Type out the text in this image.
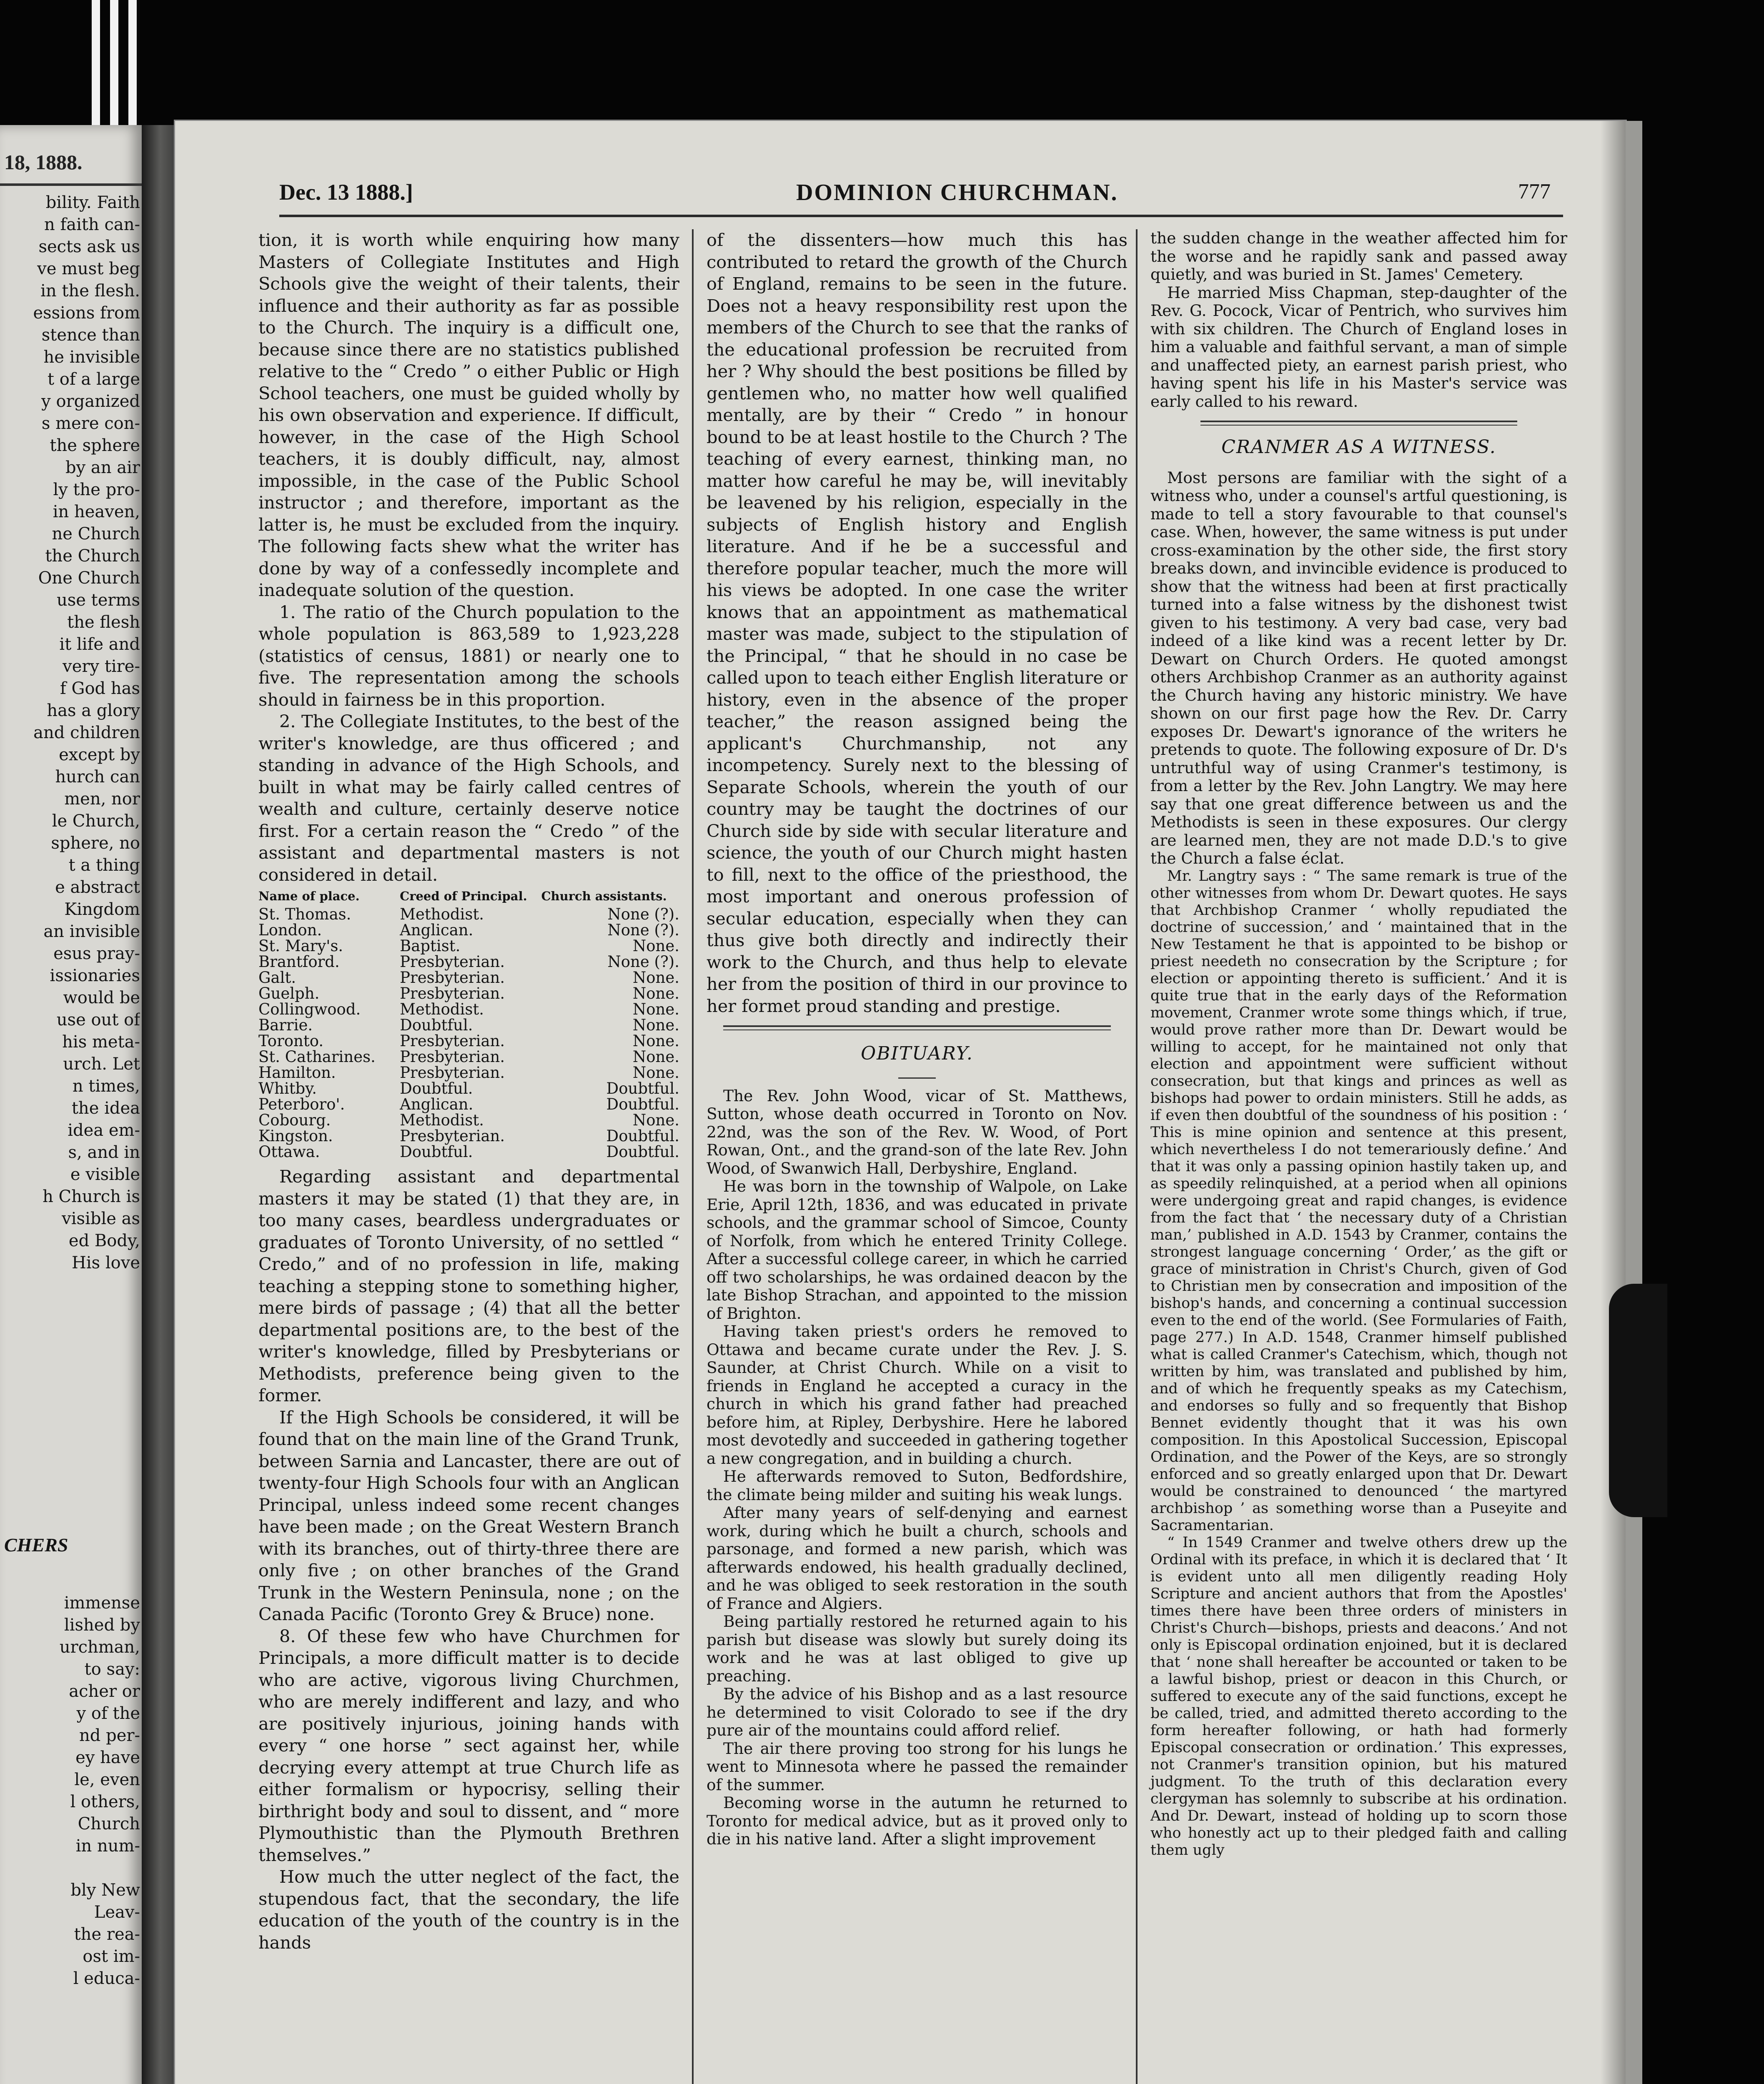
18, 1888.
bility. Faith
n faith can-
sects ask us
ve must beg
in the flesh.
essions from
stence than
he invisible
t of a large
y organized
s mere con-
the sphere
by an air
ly the pro-
in heaven,
ne Church
the Church
One Church
use terms
the flesh
it life and
very tire-
f God has
has a glory
and children
except by
hurch can
men, nor
le Church,
sphere, no
t a thing
e abstract
Kingdom
an invisible
esus pray-
issionaries
would be
use out of
his meta-
urch. Let
n times,
the idea
idea em-
s, and in
e visible
h Church is
visible as
ed Body,
His love
CHERS
immense
lished by
urchman,
to say:
acher or
y of the
nd per-
ey have
le, even
l others,
Church
in num-
bly New
Leav-
the rea-
ost im-
l educa-
Dec. 13 1888.]	DOMINION CHURCHMAN.	777

tion, it is worth while enquiring how many Masters of Collegiate Institutes and High Schools give the weight of their talents, their influence and their authority as far as possible to the Church. The inquiry is a difficult one, because since there are no statistics published relative to the “ Credo ” o either Public or High School teachers, one must be guided wholly by his own observation and experience. If difficult, however, in the case of the High School teachers, it is doubly difficult, nay, almost impossible, in the case of the Public School instructor ; and therefore, important as the latter is, he must be excluded from the inquiry. The following facts shew what the writer has done by way of a confessedly incomplete and inadequate solution of the question.

1. The ratio of the Church population to the whole population is 863,589 to 1,923,228 (statistics of census, 1881) or nearly one to five. The representation among the schools should in fairness be in this proportion.

2. The Collegiate Institutes, to the best of the writer's knowledge, are thus officered ; and standing in advance of the High Schools, and built in what may be fairly called centres of wealth and culture, certainly deserve notice first. For a certain reason the “ Credo ” of the assistant and departmental masters is not considered in detail.

Name of place.	Creed of Principal.	Church assistants.
St. Thomas.	Methodist.	None (?).
London.	Anglican.	None (?).
St. Mary's.	Baptist.	None.
Brantford.	Presbyterian.	None (?).
Galt.	Presbyterian.	None.
Guelph.	Presbyterian.	None.
Collingwood.	Methodist.	None.
Barrie.	Doubtful.	None.
Toronto.	Presbyterian.	None.
St. Catharines.	Presbyterian.	None.
Hamilton.	Presbyterian.	None.
Whitby.	Doubtful.	Doubtful.
Peterboro'.	Anglican.	Doubtful.
Cobourg.	Methodist.	None.
Kingston.	Presbyterian.	Doubtful.
Ottawa.	Doubtful.	Doubtful.

Regarding assistant and departmental masters it may be stated (1) that they are, in too many cases, beardless undergraduates or graduates of Toronto University, of no settled “ Credo,” and of no profession in life, making teaching a stepping stone to something higher, mere birds of passage ; (4) that all the better departmental positions are, to the best of the writer's knowledge, filled by Presbyterians or Methodists, preference being given to the former.

If the High Schools be considered, it will be found that on the main line of the Grand Trunk, between Sarnia and Lancaster, there are out of twenty-four High Schools four with an Anglican Principal, unless indeed some recent changes have been made ; on the Great Western Branch with its branches, out of thirty-three there are only five ; on other branches of the Grand Trunk in the Western Peninsula, none ; on the Canada Pacific (Toronto Grey & Bruce) none.

8. Of these few who have Churchmen for Principals, a more difficult matter is to decide who are active, vigorous living Churchmen, who are merely indifferent and lazy, and who are positively injurious, joining hands with every “ one horse ” sect against her, while decrying every attempt at true Church life as either formalism or hypocrisy, selling their birthright body and soul to dissent, and “ more Plymouthistic than the Plymouth Brethren themselves.”

How much the utter neglect of the fact, the stupendous fact, that the secondary, the life education of the youth of the country is in the hands

of the dissenters—how much this has contributed to retard the growth of the Church of England, remains to be seen in the future. Does not a heavy responsibility rest upon the members of the Church to see that the ranks of the educational profession be recruited from her ? Why should the best positions be filled by gentlemen who, no matter how well qualified mentally, are by their “ Credo ” in honour bound to be at least hostile to the Church ? The teaching of every earnest, thinking man, no matter how careful he may be, will inevitably be leavened by his religion, especially in the subjects of English history and English literature. And if he be a successful and therefore popular teacher, much the more will his views be adopted. In one case the writer knows that an appointment as mathematical master was made, subject to the stipulation of the Principal, “ that he should in no case be called upon to teach either English literature or history, even in the absence of the proper teacher,” the reason assigned being the applicant's Churchmanship, not any incompetency. Surely next to the blessing of Separate Schools, wherein the youth of our country may be taught the doctrines of our Church side by side with secular literature and science, the youth of our Church might hasten to fill, next to the office of the priesthood, the most important and onerous profession of secular education, especially when they can thus give both directly and indirectly their work to the Church, and thus help to elevate her from the position of third in our province to her formet proud standing and prestige.

OBITUARY.

The Rev. John Wood, vicar of St. Matthews, Sutton, whose death occurred in Toronto on Nov. 22nd, was the son of the Rev. W. Wood, of Port Rowan, Ont., and the grand-son of the late Rev. John Wood, of Swanwich Hall, Derbyshire, England.

He was born in the township of Walpole, on Lake Erie, April 12th, 1836, and was educated in private schools, and the grammar school of Simcoe, County of Norfolk, from which he entered Trinity College. After a successful college career, in which he carried off two scholarships, he was ordained deacon by the late Bishop Strachan, and appointed to the mission of Brighton.

Having taken priest's orders he removed to Ottawa and became curate under the Rev. J. S. Saunder, at Christ Church. While on a visit to friends in England he accepted a curacy in the church in which his grand father had preached before him, at Ripley, Derbyshire. Here he labored most devotedly and succeeded in gathering together a new congregation, and in building a church.

He afterwards removed to Suton, Bedfordshire, the climate being milder and suiting his weak lungs.

After many years of self-denying and earnest work, during which he built a church, schools and parsonage, and formed a new parish, which was afterwards endowed, his health gradually declined, and he was obliged to seek restoration in the south of France and Algiers.

Being partially restored he returned again to his parish but disease was slowly but surely doing its work and he was at last obliged to give up preaching.

By the advice of his Bishop and as a last resource he determined to visit Colorado to see if the dry pure air of the mountains could afford relief.

The air there proving too strong for his lungs he went to Minnesota where he passed the remainder of the summer.

Becoming worse in the autumn he returned to Toronto for medical advice, but as it proved only to die in his native land. After a slight improvement

the sudden change in the weather affected him for the worse and he rapidly sank and passed away quietly, and was buried in St. James' Cemetery.

He married Miss Chapman, step-daughter of the Rev. G. Pocock, Vicar of Pentrich, who survives him with six children. The Church of England loses in him a valuable and faithful servant, a man of simple and unaffected piety, an earnest parish priest, who having spent his life in his Master's service was early called to his reward.

CRANMER AS A WITNESS.

Most persons are familiar with the sight of a witness who, under a counsel's artful questioning, is made to tell a story favourable to that counsel's case. When, however, the same witness is put under cross-examination by the other side, the first story breaks down, and invincible evidence is produced to show that the witness had been at first practically turned into a false witness by the dishonest twist given to his testimony. A very bad case, very bad indeed of a like kind was a recent letter by Dr. Dewart on Church Orders. He quoted amongst others Archbishop Cranmer as an authority against the Church having any historic ministry. We have shown on our first page how the Rev. Dr. Carry exposes Dr. Dewart's ignorance of the writers he pretends to quote. The following exposure of Dr. D's untruthful way of using Cranmer's testimony, is from a letter by the Rev. John Langtry. We may here say that one great difference between us and the Methodists is seen in these exposures. Our clergy are learned men, they are not made D.D.'s to give the Church a false éclat.

Mr. Langtry says : “ The same remark is true of the other witnesses from whom Dr. Dewart quotes. He says that Archbishop Cranmer ‘ wholly repudiated the doctrine of succession,’ and ‘ maintained that in the New Testament he that is appointed to be bishop or priest needeth no consecration by the Scripture ; for election or appointing thereto is sufficient.’ And it is quite true that in the early days of the Reformation movement, Cranmer wrote some things which, if true, would prove rather more than Dr. Dewart would be willing to accept, for he maintained not only that election and appointment were sufficient without consecration, but that kings and princes as well as bishops had power to ordain ministers. Still he adds, as if even then doubtful of the soundness of his position : ‘ This is mine opinion and sentence at this present, which nevertheless I do not temerariously define.’ And that it was only a passing opinion hastily taken up, and as speedily relinquished, at a period when all opinions were undergoing great and rapid changes, is evidence from the fact that ‘ the necessary duty of a Christian man,’ published in A.D. 1543 by Cranmer, contains the strongest language concerning ‘ Order,’ as the gift or grace of ministration in Christ's Church, given of God to Christian men by consecration and imposition of the bishop's hands, and concerning a continual succession even to the end of the world. (See Formularies of Faith, page 277.) In A.D. 1548, Cranmer himself published what is called Cranmer's Catechism, which, though not written by him, was translated and published by him, and of which he frequently speaks as my Catechism, and endorses so fully and so frequently that Bishop Bennet evidently thought that it was his own composition. In this Apostolical Succession, Episcopal Ordination, and the Power of the Keys, are so strongly enforced and so greatly enlarged upon that Dr. Dewart would be constrained to denounced ‘ the martyred archbishop ’ as something worse than a Puseyite and Sacramentarian.

“ In 1549 Cranmer and twelve others drew up the Ordinal with its preface, in which it is declared that ‘ It is evident unto all men diligently reading Holy Scripture and ancient authors that from the Apostles' times there have been three orders of ministers in Christ's Church—bishops, priests and deacons.’ And not only is Episcopal ordination enjoined, but it is declared that ‘ none shall hereafter be accounted or taken to be a lawful bishop, priest or deacon in this Church, or suffered to execute any of the said functions, except he be called, tried, and admitted thereto according to the form hereafter following, or hath had formerly Episcopal consecration or ordination.’ This expresses, not Cranmer's transition opinion, but his matured judgment. To the truth of this declaration every clergyman has solemnly to subscribe at his ordination. And Dr. Dewart, instead of holding up to scorn those who honestly act up to their pledged faith and calling them ugly
